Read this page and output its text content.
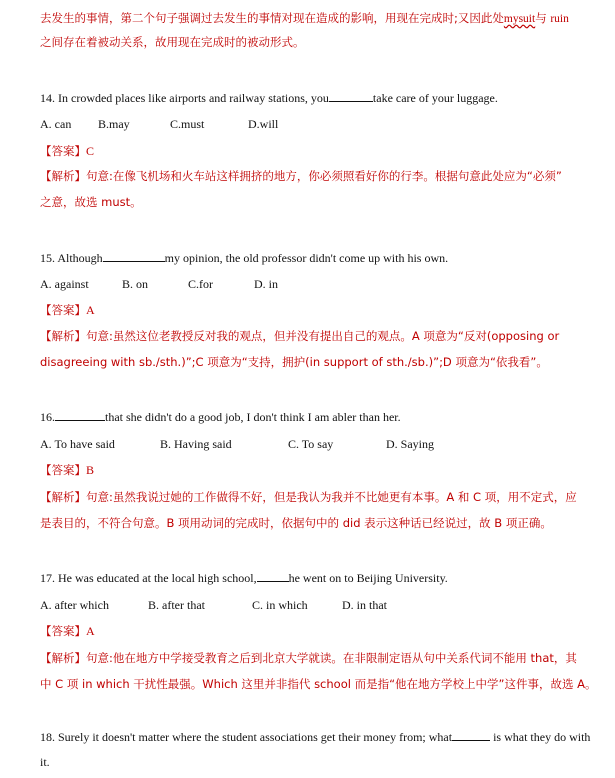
去发生的事情，第二个句子强调过去发生的事情对现在造成的影响，用现在完成时;又因此处mysuit与 ruin
之间存在着被动关系，故用现在完成时的被动形式。
14. In crowded places like airports and railway stations, you	take care of your luggage.
A. can B.may	C.must	D.will
【答案】C
【解析】句意:在像飞机场和火车站这样拥挤的地方，你必须照看好你的行李。根据句意此处应为“必须”
之意，故选 must。
15. Although	my opinion, the old professor didn't come up with his own.
A. against	B. on	C.for	D. in
【答案】A
【解析】句意:虽然这位老教授反对我的观点，但并没有提出自己的观点。A 项意为“反对(opposing or
disagreeing with sb./sth.)”;C 项意为“支持，拥护(in support of sth./sb.)”;D 项意为“依我看”。
16.	that she didn't do a good job, I don't think I am abler than her.
A. To have said	B. Having said	C. To say	D. Saying
【答案】B
【解析】句意:虽然我说过她的工作做得不好，但是我认为我并不比她更有本事。A 和 C 项，用不定式，应
是表目的，不符合句意。B 项用动词的完成时，依据句中的 did 表示这种话已经说过，故 B 项正确。
17. He was educated at the local high school,	he went on to Beijing University.
A. after which	B. after that	C. in which	D. in that
【答案】A
【解析】句意:他在地方中学接受教育之后到北京大学就读。在非限制定语从句中关系代词不能用 that，其
中 C 项 in which 干扰性最强。Which 这里并非指代 school 而是指“他在地方学校上中学”这件事，故选 A。
18. Surely it doesn't matter where the student associations get their money from; what	is what they do with
it.
